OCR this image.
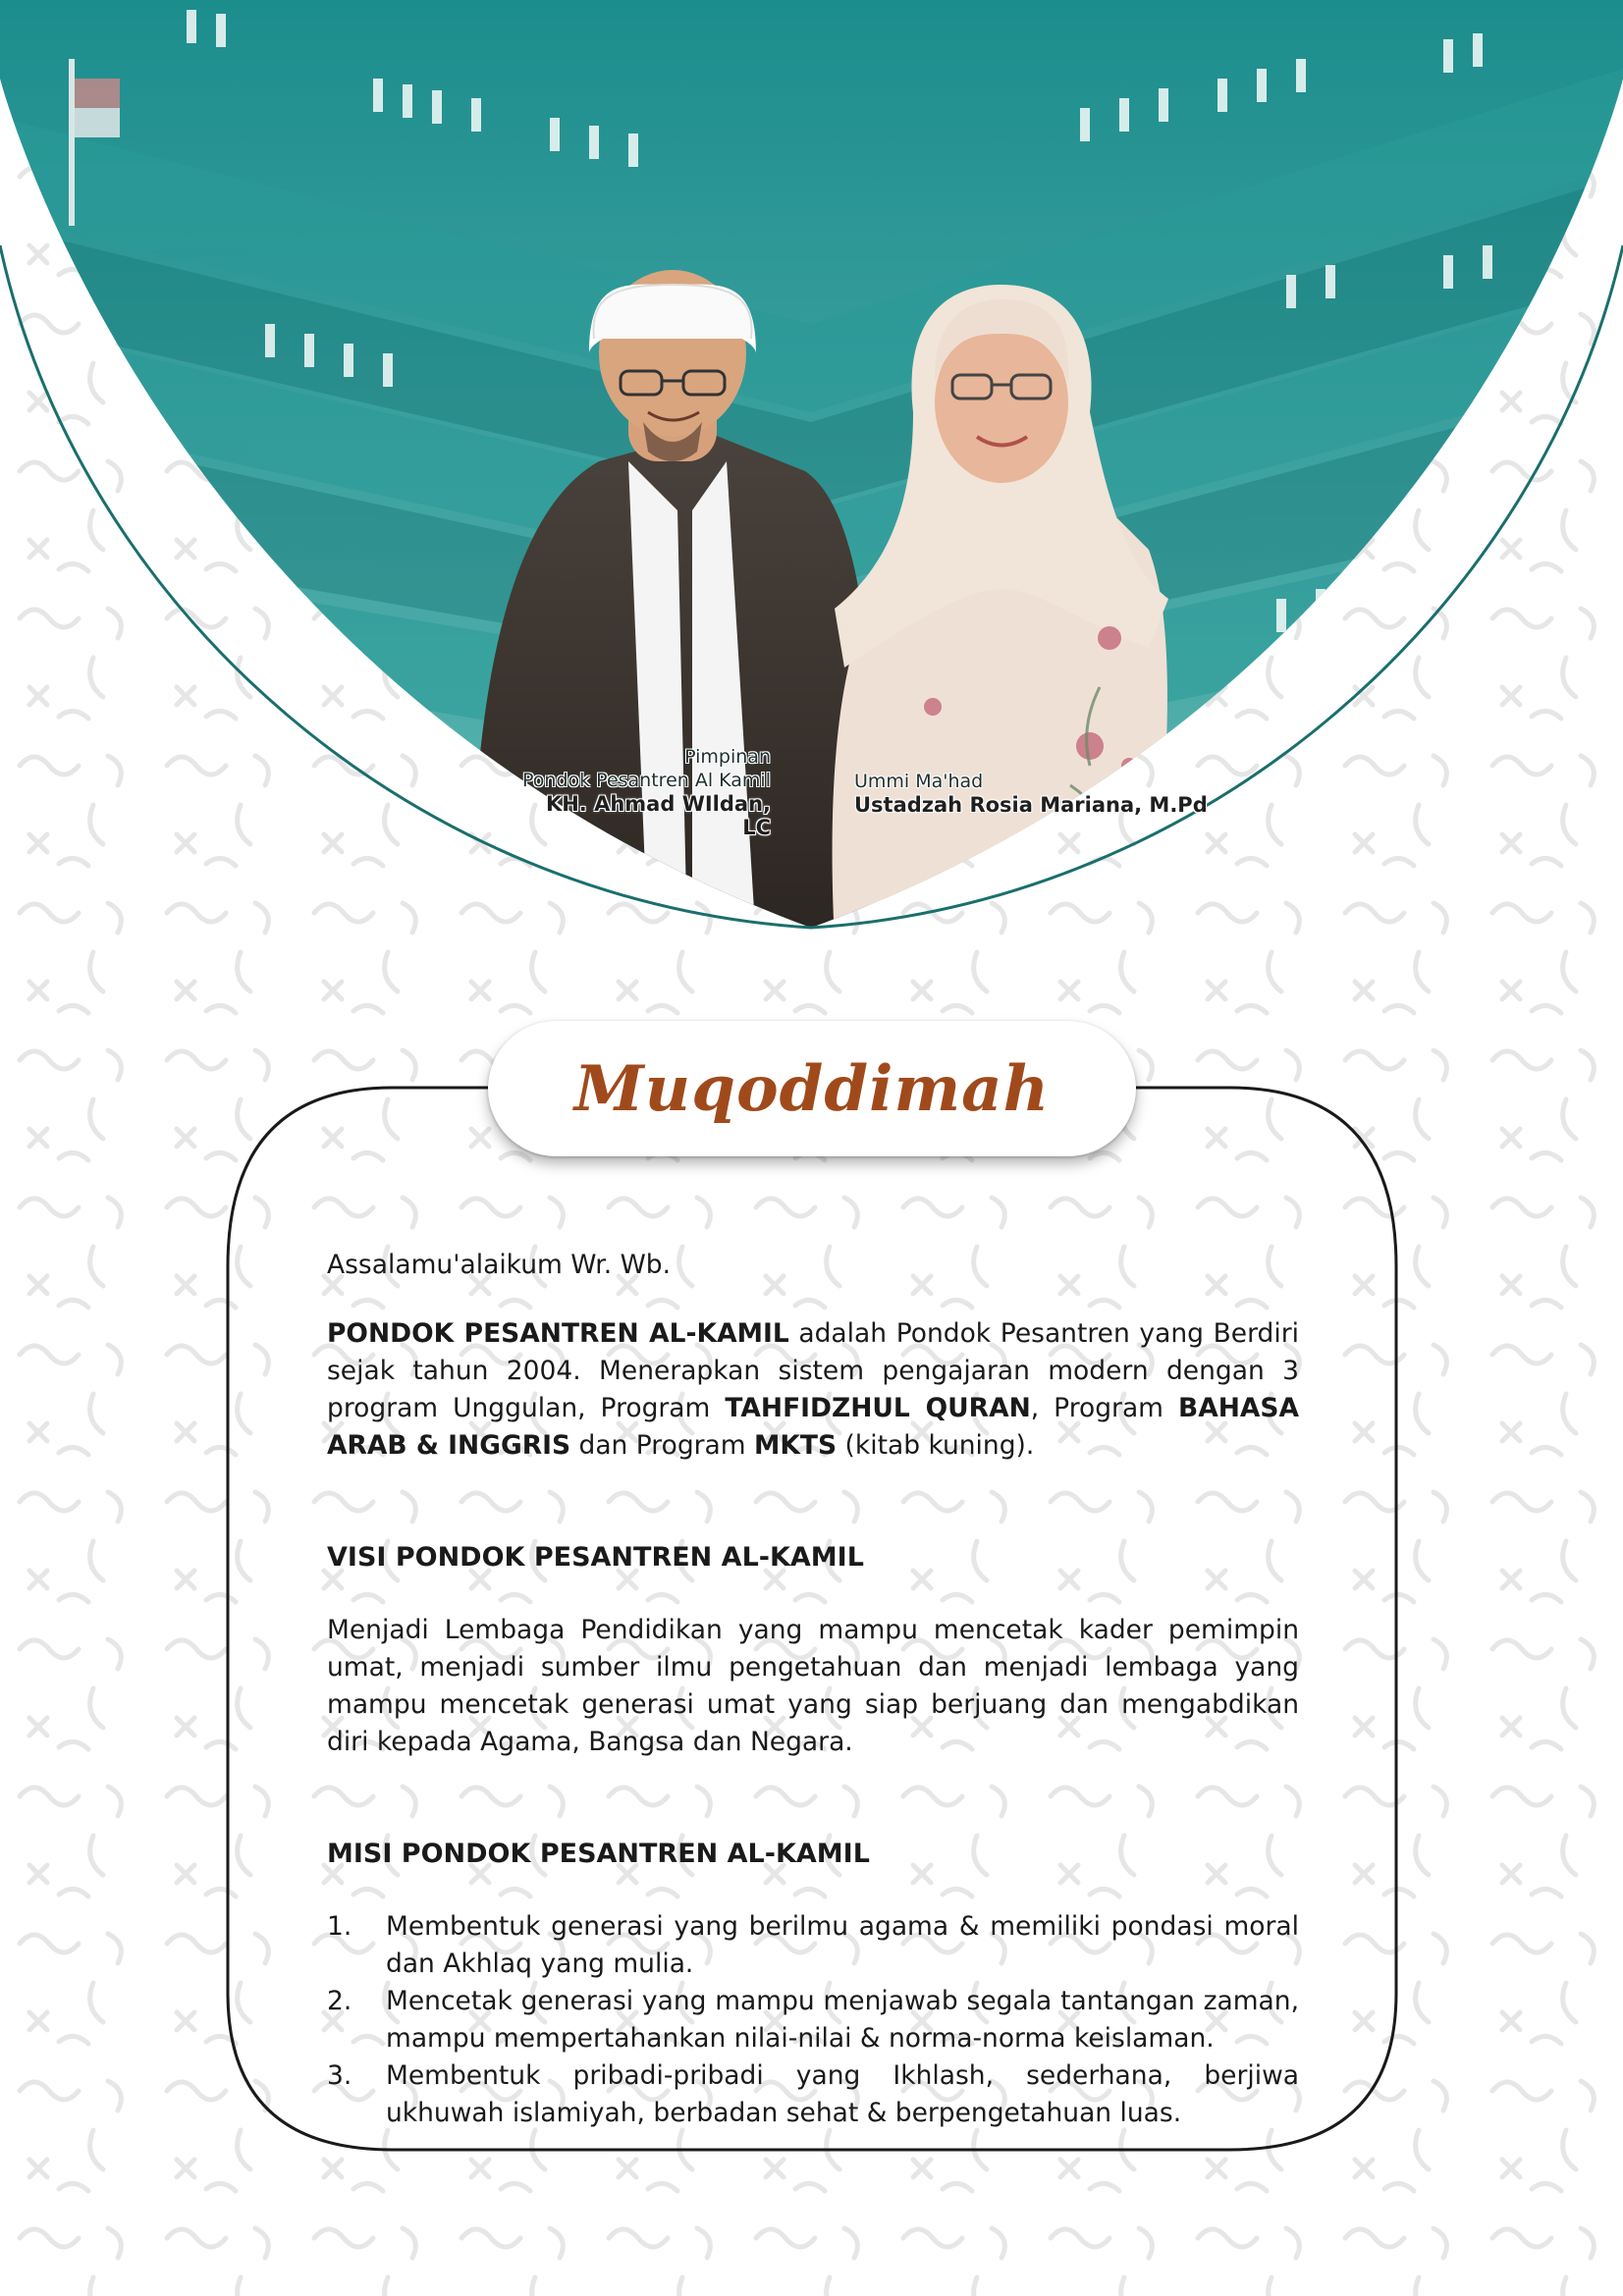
Pimpinan
Pondok Pesantren Al Kamil
KH. Ahmad WIldan, LC
Ummi Ma'had
Ustadzah Rosia Mariana, M.Pd
Muqoddimah

Assalamu'alaikum Wr. Wb.

PONDOK PESANTREN AL-KAMIL adalah Pondok Pesantren yang Berdiri sejak tahun 2004. Menerapkan sistem pengajaran modern dengan 3 program Unggulan, Program TAHFIDZHUL QURAN, Program BAHASA ARAB & INGGRIS dan Program MKTS (kitab kuning).

VISI PONDOK PESANTREN AL-KAMIL

Menjadi Lembaga Pendidikan yang mampu mencetak kader pemimpin umat, menjadi sumber ilmu pengetahuan dan menjadi lembaga yang mampu mencetak generasi umat yang siap berjuang dan mengabdikan diri kepada Agama, Bangsa dan Negara.

MISI PONDOK PESANTREN AL-KAMIL

1.	Membentuk generasi yang berilmu agama & memiliki pondasi moral dan Akhlaq yang mulia.
2.	Mencetak generasi yang mampu menjawab segala tantangan zaman, mampu mempertahankan nilai-nilai & norma-norma keislaman.
3.	Membentuk pribadi-pribadi yang Ikhlash, sederhana, berjiwa ukhuwah islamiyah, berbadan sehat & berpengetahuan luas.
